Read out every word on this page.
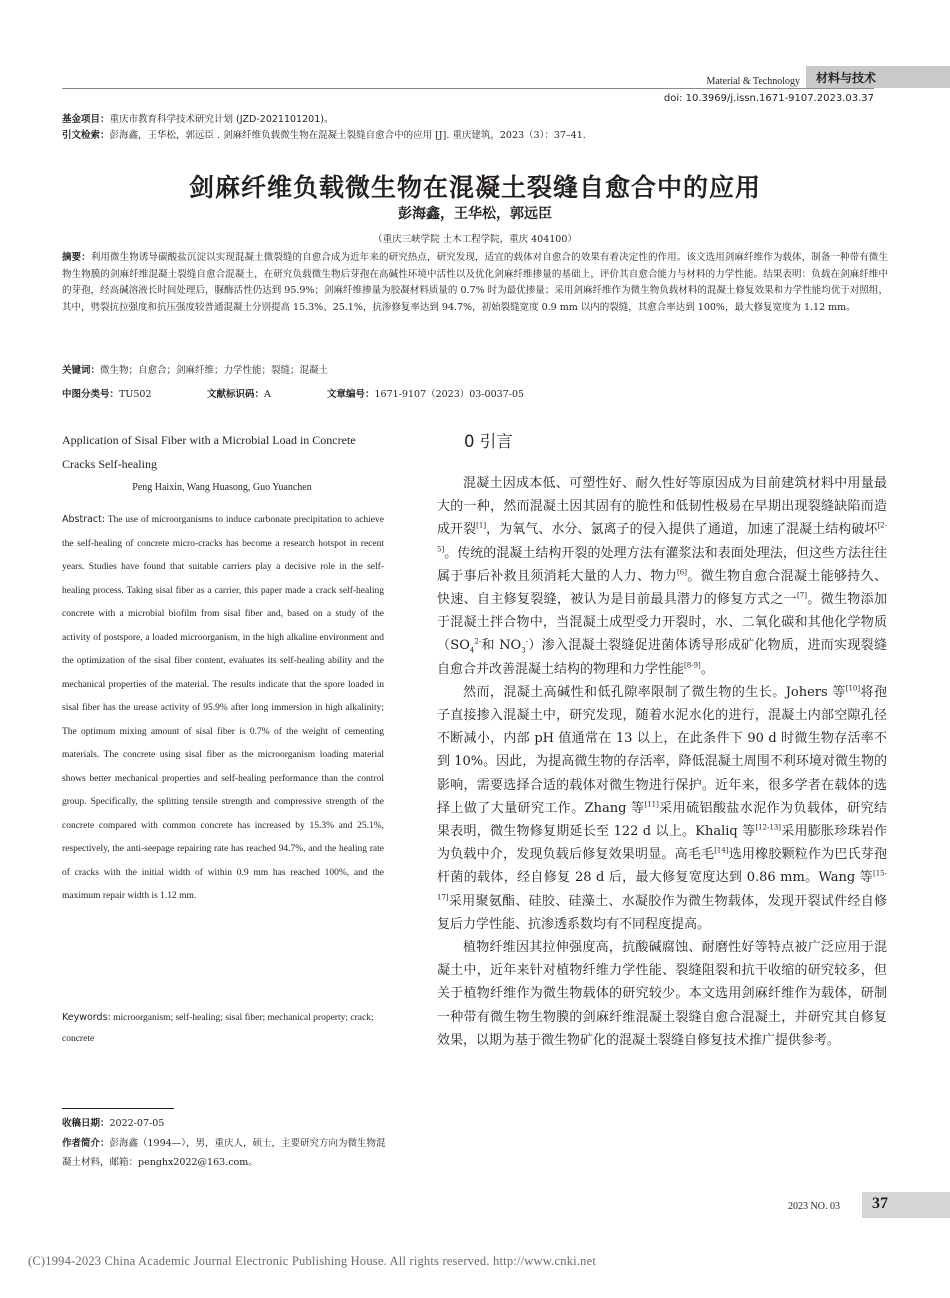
Material & Technology 材料与技术
doi: 10.3969/j.issn.1671-9107.2023.03.37
基金项目：重庆市教育科学技术研究计划 (JZD-2021101201)。
引文检索：彭海鑫，王华松，郭远臣 . 剑麻纤维负载微生物在混凝土裂缝自愈合中的应用 [J]. 重庆建筑，2023（3）：37–41.
剑麻纤维负载微生物在混凝土裂缝自愈合中的应用
彭海鑫，王华松，郭远臣
（重庆三峡学院 土木工程学院，重庆 404100）
摘要：利用微生物诱导碳酸盐沉淀以实现混凝土微裂缝的自愈合成为近年来的研究热点，研究发现，适宜的载体对自愈合的效果有着决定性的作用。该文选用剑麻纤维作为载体，制备一种带有微生物生物膜的剑麻纤维混凝土裂缝自愈合混凝土，在研究负载微生物后芽孢在高碱性环境中活性以及优化剑麻纤维掺量的基础上，评价其自愈合能力与材料的力学性能。结果表明：负载在剑麻纤维中的芽孢，经高碱溶液长时间处理后，脲酶活性仍达到 95.9%；剑麻纤维掺量为胶凝材料质量的 0.7% 时为最优掺量；采用剑麻纤维作为微生物负载材料的混凝土修复效果和力学性能均优于对照组，其中，劈裂抗拉强度和抗压强度较普通混凝土分别提高 15.3%、25.1%，抗渗修复率达到 94.7%，初始裂缝宽度 0.9 mm 以内的裂缝，其愈合率达到 100%，最大修复宽度为 1.12 mm。
关键词：微生物；自愈合；剑麻纤维；力学性能；裂缝；混凝土
中图分类号：TU502	文献标识码：A	文章编号：1671-9107（2023）03-0037-05
Application of Sisal Fiber with a Microbial Load in Concrete Cracks Self-healing
Peng Haixin, Wang Huasong, Guo Yuanchen
Abstract: The use of microorganisms to induce carbonate precipitation to achieve the self-healing of concrete micro-cracks has become a research hotspot in recent years. Studies have found that suitable carriers play a decisive role in the self-healing process. Taking sisal fiber as a carrier, this paper made a crack self-healing concrete with a microbial biofilm from sisal fiber and, based on a study of the activity of postspore, a loaded microorganism, in the high alkaline environment and the optimization of the sisal fiber content, evaluates its self-healing ability and the mechanical properties of the material. The results indicate that the spore loaded in sisal fiber has the urease activity of 95.9% after long immersion in high alkalinity; The optimum mixing amount of sisal fiber is 0.7% of the weight of cementing materials. The concrete using sisal fiber as the microorganism loading material shows better mechanical properties and self-healing performance than the control group. Specifically, the splitting tensile strength and compressive strength of the concrete compared with common concrete has increased by 15.3% and 25.1%, respectively, the anti-seepage repairing rate has reached 94.7%, and the healing rate of cracks with the initial width of within 0.9 mm has reached 100%, and the maximum repair width is 1.12 mm.
Keywords: microorganism; self-healing; sisal fiber; mechanical property; crack; concrete
收稿日期：2022-07-05
作者简介：彭海鑫（1994—），男，重庆人，硕士，主要研究方向为微生物混凝土材料，邮箱：penghx2022@163.com。
0 引言

混凝土因成本低、可塑性好、耐久性好等原因成为目前建筑材料中用量最大的一种，然而混凝土因其固有的脆性和低韧性极易在早期出现裂缝缺陷而造成开裂[1]，为氧气、水分、氯离子的侵入提供了通道，加速了混凝土结构破坏[2-5]。传统的混凝土结构开裂的处理方法有灌浆法和表面处理法，但这些方法往往属于事后补救且须消耗大量的人力、物力[6]。微生物自愈合混凝土能够持久、快速、自主修复裂缝，被认为是目前最具潜力的修复方式之一[7]。微生物添加于混凝土拌合物中，当混凝土成型受力开裂时，水、二氧化碳和其他化学物质（$SO_4^{2-}$和 $NO_3^-$）渗入混凝土裂缝促进菌体诱导形成矿化物质，进而实现裂缝自愈合并改善混凝土结构的物理和力学性能[8-9]。

然而，混凝土高碱性和低孔隙率限制了微生物的生长。Johers 等[10]将孢子直接掺入混凝土中，研究发现，随着水泥水化的进行，混凝土内部空隙孔径不断减小，内部 pH 值通常在 13 以上，在此条件下 90 d 时微生物存活率不到 10%。因此，为提高微生物的存活率，降低混凝土周围不利环境对微生物的影响，需要选择合适的载体对微生物进行保护。近年来，很多学者在载体的选择上做了大量研究工作。Zhang 等[11]采用硫铝酸盐水泥作为负载体，研究结果表明，微生物修复期延长至 122 d 以上。Khaliq 等[12-13]采用膨胀珍珠岩作为负载中介，发现负载后修复效果明显。高毛毛[14]选用橡胶颗粒作为巴氏芽孢杆菌的载体，经自修复 28 d 后，最大修复宽度达到 0.86 mm。Wang 等[15-17]采用聚氨酯、硅胶、硅藻土、水凝胶作为微生物载体，发现开裂试件经自修复后力学性能、抗渗透系数均有不同程度提高。

植物纤维因其拉伸强度高，抗酸碱腐蚀、耐磨性好等特点被广泛应用于混凝土中，近年来针对植物纤维力学性能、裂缝阻裂和抗干收缩的研究较多，但关于植物纤维作为微生物载体的研究较少。本文选用剑麻纤维作为载体，研制一种带有微生物生物膜的剑麻纤维混凝土裂缝自愈合混凝土，并研究其自修复效果，以期为基于微生物矿化的混凝土裂缝自修复技术推广提供参考。

2023 NO. 03 37
(C)1994-2023 China Academic Journal Electronic Publishing House. All rights reserved. http://www.cnki.net
